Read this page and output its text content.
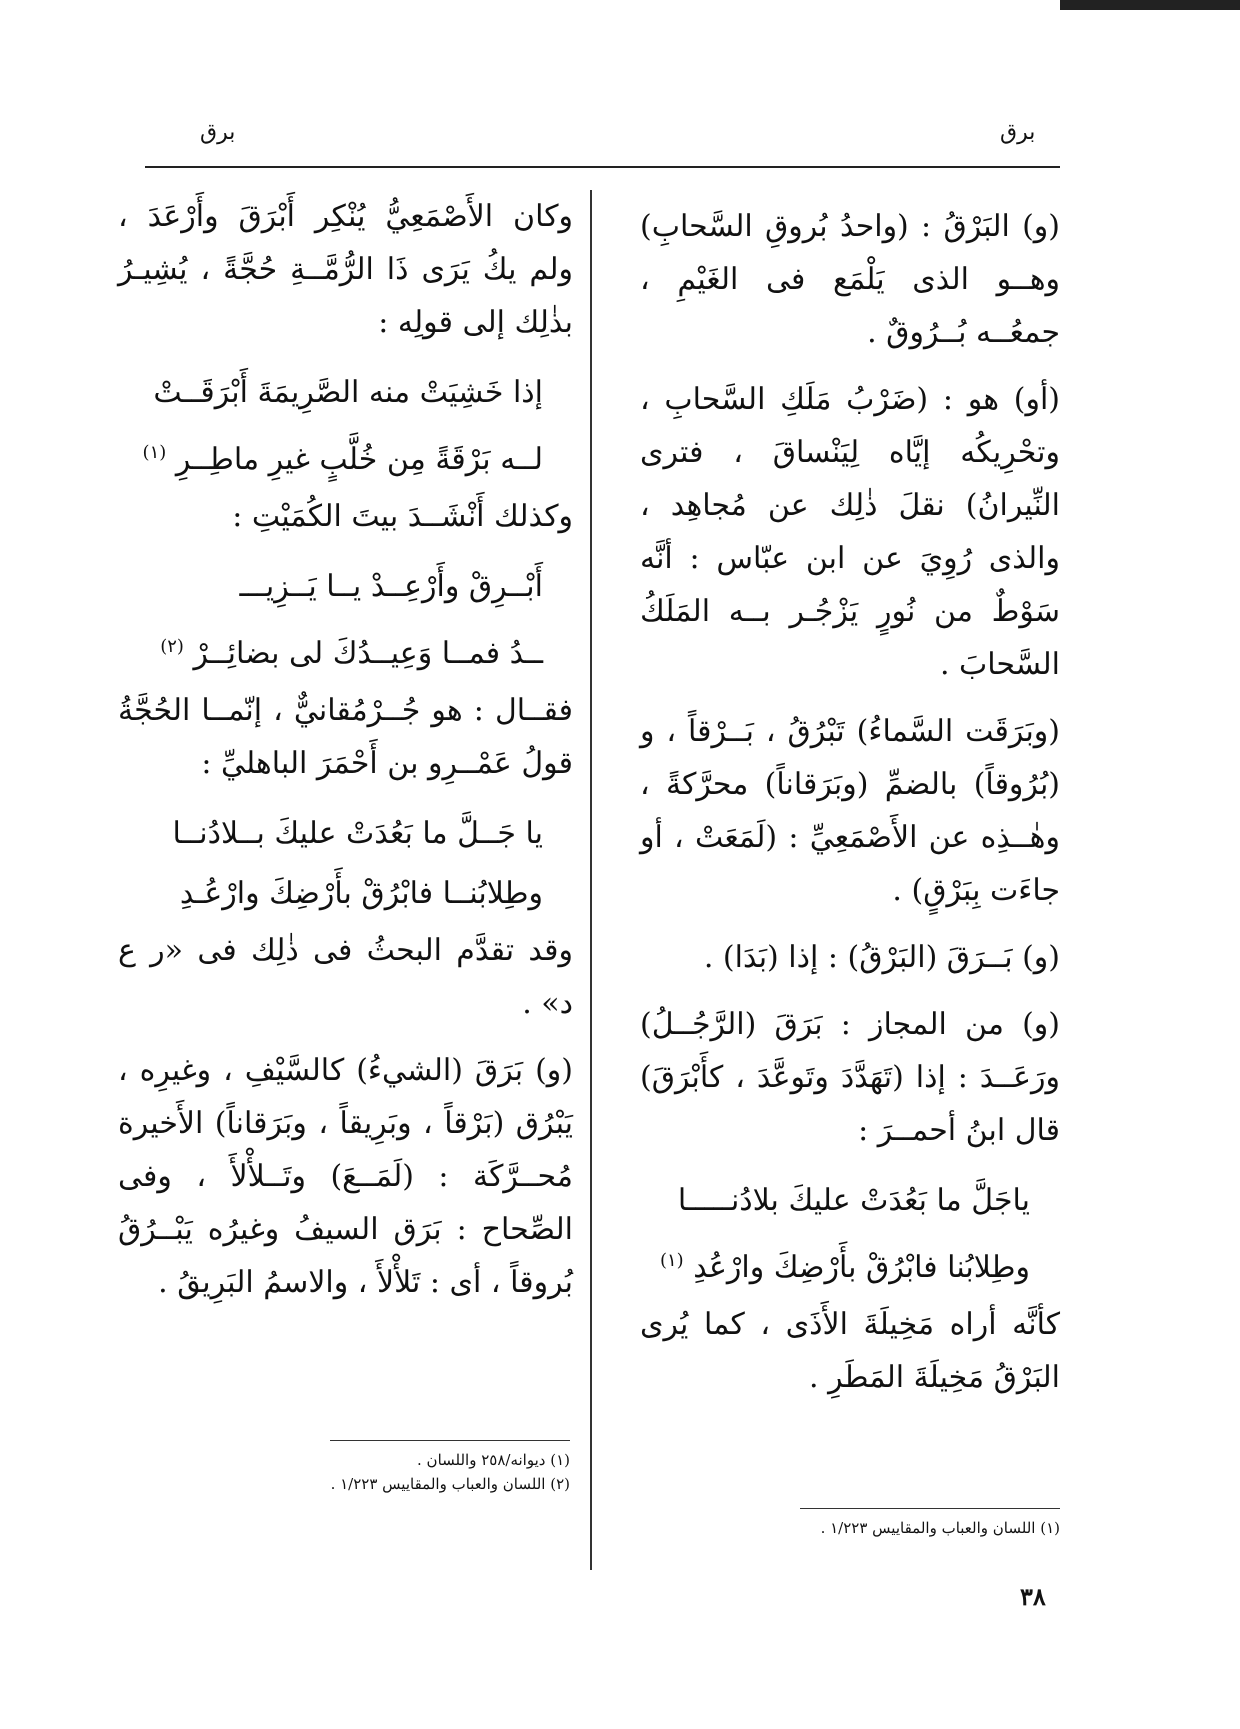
برق	برق

(و) البَرْقُ : (واحدُ بُروقِ السَّحابِ) وهــو الذى يَلْمَع فى الغَيْمِ ، جمعُــه بُــرُوقٌ .

(أو) هو : (ضَرْبُ مَلَكِ السَّحابِ ، وتحْرِيكُه إيَّاه لِيَنْساقَ ، فترى النِّيرانُ) نقلَ ذٰلِك عن مُجاهِد ، والذى رُوِيَ عن ابن عبّاس : أنَّه سَوْطٌ من نُورٍ يَزْجُـر بــه المَلَكُ السَّحابَ .

(وبَرَقَت السَّماءُ) تَبْرُقُ ، بَــرْقاً ، و (بُرُوقاً) بالضمِّ (وبَرَقاناً) محرَّكةً ، وهٰــذِه عن الأَصْمَعِيِّ : (لَمَعَتْ ، أو جاءَت بِبَرْقٍ) .

(و) بَــرَقَ (البَرْقُ) : إذا (بَدَا) .

(و) من المجاز : بَرَقَ (الرَّجُــلُ) ورَعَــدَ : إذا (تَهَدَّدَ وتَوعَّدَ ، كأَبْرَقَ) قال ابنُ أحمــرَ :

ياجَلَّ ما بَعُدَتْ عليكَ بلادُنـــــا

وطِلابُنا فابْرُقْ بأَرْضِكَ وارْعُدِ $^{(١)}$

كأنَّه أراه مَخِيلَةَ الأَذَى ، كما يُرى البَرْقُ مَخِيلَةَ المَطَرِ .

وكان الأَصْمَعِيُّ يُنْكِر أَبْرَقَ وأَرْعَدَ ، ولم يكُ يَرَى ذَا الرُّمَّــةِ حُجَّةً ، يُشِيـرُ بذٰلِك إلى قولِه :

إذا خَشِيَتْ منه الصَّرِيمَةَ أَبْرَقَــتْ

لــه بَرْقَةً مِن خُلَّبٍ غيرِ ماطِــرِ $^{(١)}$

وكذلك أَنْشَــدَ بيتَ الكُمَيْتِ :

أَبْــرِقْ وأَرْعِــدْ يــا يَــزِيـــ

ــدُ فمــا وَعِيــدُكَ لى بضائِــرْ $^{(٢)}$

فقــال : هو جُــرْمُقانيٌّ ، إنّمــا الحُجَّةُ قولُ عَمْــرِو بن أَحْمَرَ الباهليِّ :

يا جَــلَّ ما بَعُدَتْ عليكَ بــلادُنــا

وطِلابُنــا فابْرُقْ بأَرْضِكَ وارْعُـدِ

وقد تقدَّم البحثُ فى ذٰلِك فى «ر ع د» .

(و) بَرَقَ (الشيءُ) كالسَّيْفِ ، وغيرِه ، يَبْرُق (بَرْقاً ، وبَرِيقاً ، وبَرَقاناً) الأَخيرة مُحــرَّكَة : (لَمَــعَ) وتَــلأْلأَ ، وفى الصِّحاح : بَرَق السيفُ وغيرُه يَبْــرُقُ بُروقاً ، أى : تَلأْلأَ ، والاسمُ البَرِيقُ .

(١) ديوانه/٢٥٨ واللسان .
(٢) اللسان والعباب والمقاييس ١/٢٢٣ .
(١) اللسان والعباب والمقاييس ١/٢٢٣ .
٣٨
